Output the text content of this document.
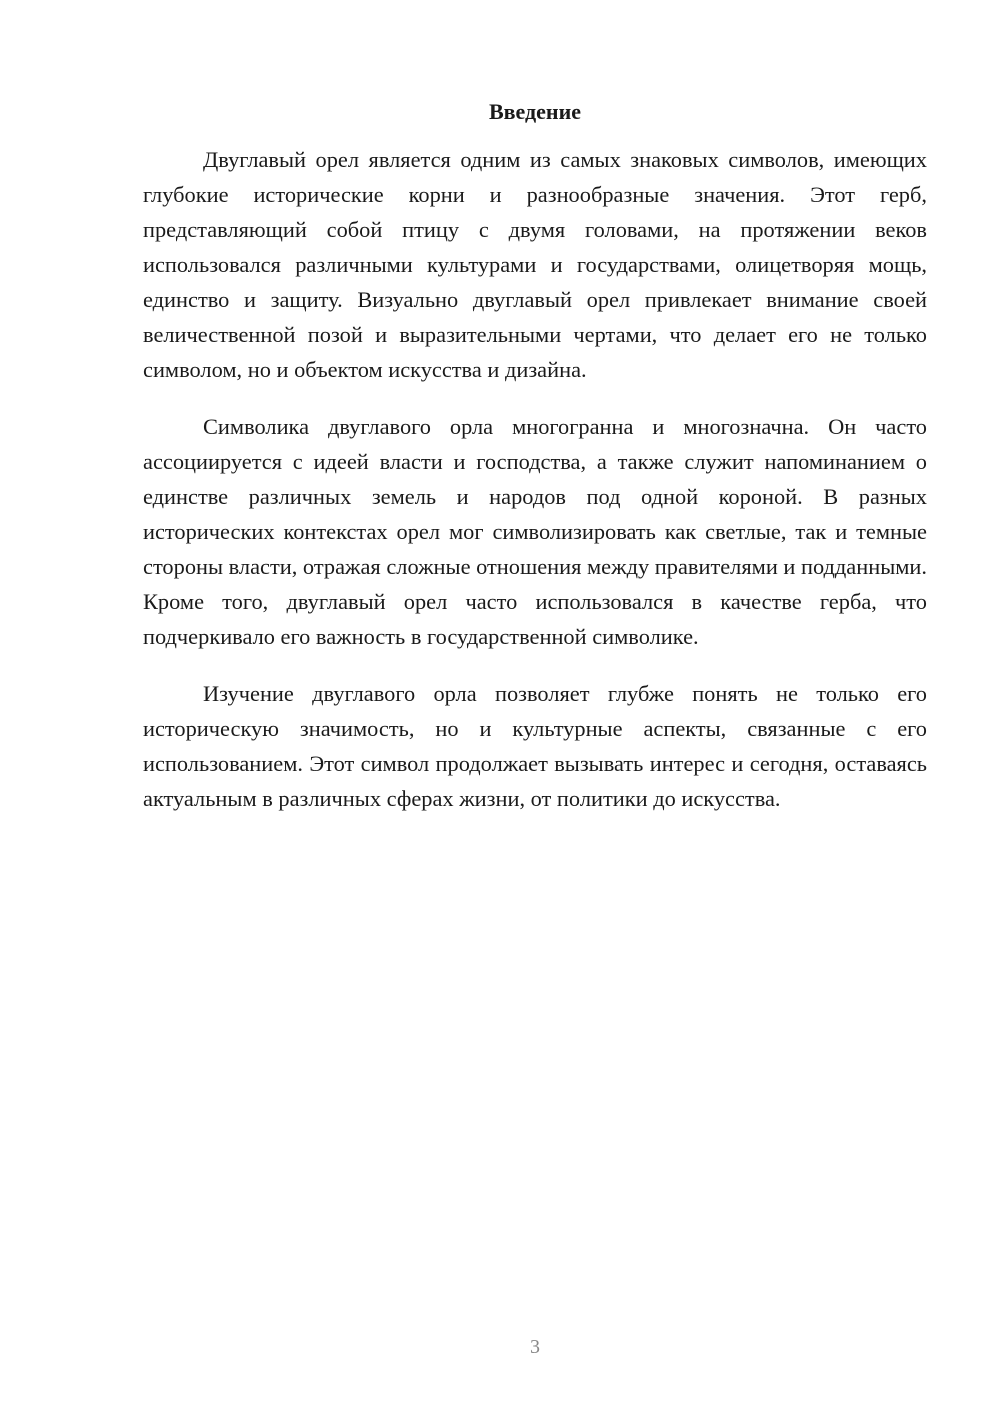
Введение

Двуглавый орел является одним из самых знаковых символов, имеющих глубокие исторические корни и разнообразные значения. Этот герб, представляющий собой птицу с двумя головами, на протяжении веков использовался различными культурами и государствами, олицетворяя мощь, единство и защиту. Визуально двуглавый орел привлекает внимание своей величественной позой и выразительными чертами, что делает его не только символом, но и объектом искусства и дизайна.

Символика двуглавого орла многогранна и многозначна. Он часто ассоциируется с идеей власти и господства, а также служит напоминанием о единстве различных земель и народов под одной короной. В разных исторических контекстах орел мог символизировать как светлые, так и темные стороны власти, отражая сложные отношения между правителями и подданными. Кроме того, двуглавый орел часто использовался в качестве герба, что подчеркивало его важность в государственной символике.

Изучение двуглавого орла позволяет глубже понять не только его историческую значимость, но и культурные аспекты, связанные с его использованием. Этот символ продолжает вызывать интерес и сегодня, оставаясь актуальным в различных сферах жизни, от политики до искусства.

3
